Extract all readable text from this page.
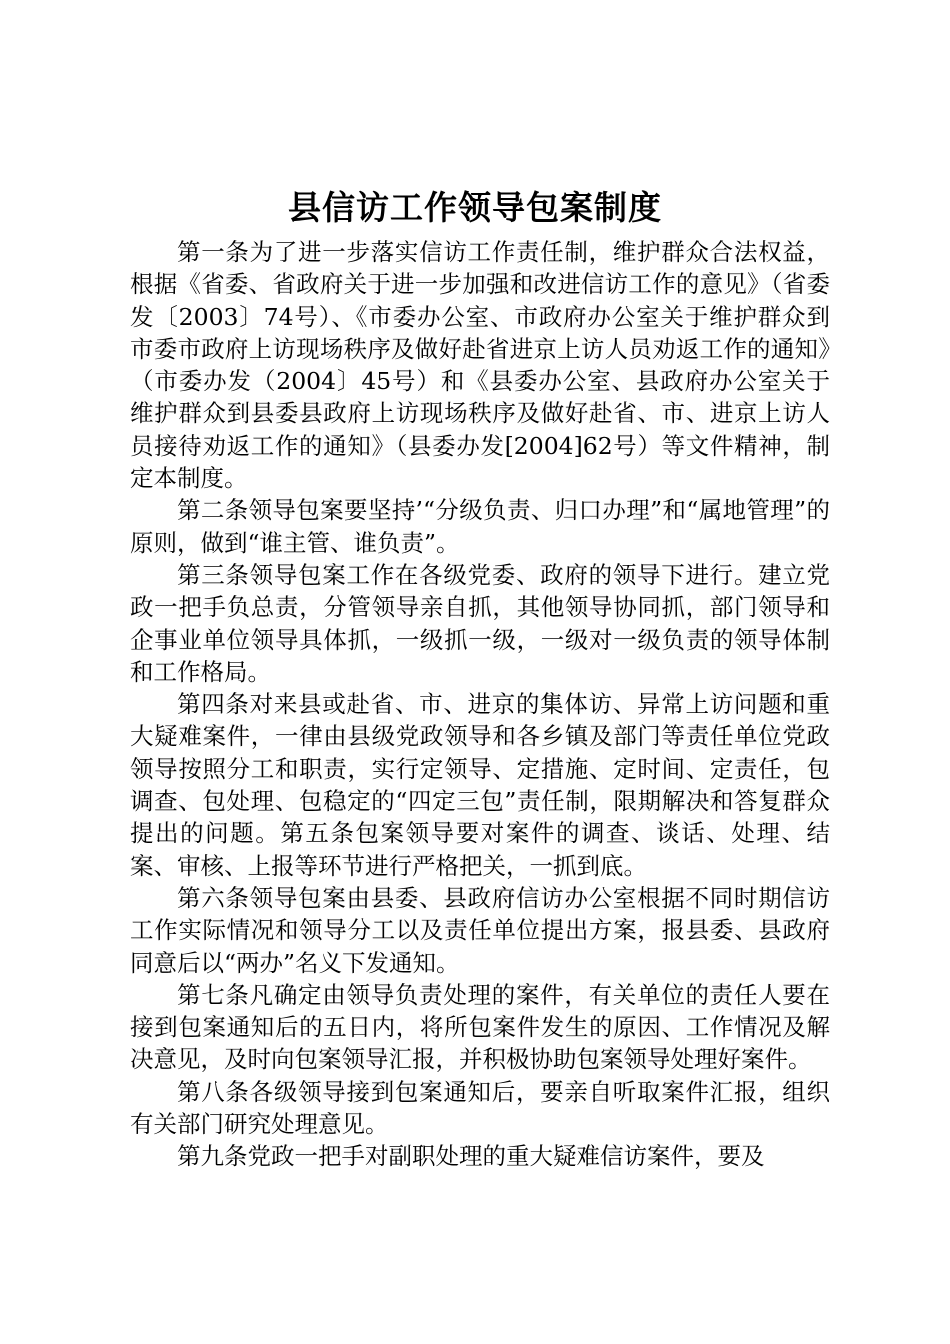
县信访工作领导包案制度

第一条为了进一步落实信访工作责任制，维护群众合法权益，根据《省委、省政府关于进一步加强和改进信访工作的意见》（省委发〔2003〕74号）、《市委办公室、市政府办公室关于维护群众到市委市政府上访现场秩序及做好赴省进京上访人员劝返工作的通知》（市委办发（2004〕45号）和《县委办公室、县政府办公室关于维护群众到县委县政府上访现场秩序及做好赴省、市、进京上访人员接待劝返工作的通知》（县委办发[2004]62号）等文件精神，制定本制度。

第二条领导包案要坚持’“分级负责、归口办理”和“属地管理”的原则，做到“谁主管、谁负责”。

第三条领导包案工作在各级党委、政府的领导下进行。建立党政一把手负总责，分管领导亲自抓，其他领导协同抓，部门领导和企事业单位领导具体抓，一级抓一级，一级对一级负责的领导体制和工作格局。

第四条对来县或赴省、市、进京的集体访、异常上访问题和重大疑难案件，一律由县级党政领导和各乡镇及部门等责任单位党政领导按照分工和职责，实行定领导、定措施、定时间、定责任，包调查、包处理、包稳定的“四定三包”责任制，限期解决和答复群众提出的问题。第五条包案领导要对案件的调查、谈话、处理、结案、审核、上报等环节进行严格把关，一抓到底。

第六条领导包案由县委、县政府信访办公室根据不同时期信访工作实际情况和领导分工以及责任单位提出方案，报县委、县政府同意后以“两办”名义下发通知。

第七条凡确定由领导负责处理的案件，有关单位的责任人要在接到包案通知后的五日内，将所包案件发生的原因、工作情况及解决意见，及时向包案领导汇报，并积极协助包案领导处理好案件。

第八条各级领导接到包案通知后，要亲自听取案件汇报，组织有关部门研究处理意见。

第九条党政一把手对副职处理的重大疑难信访案件，要及
